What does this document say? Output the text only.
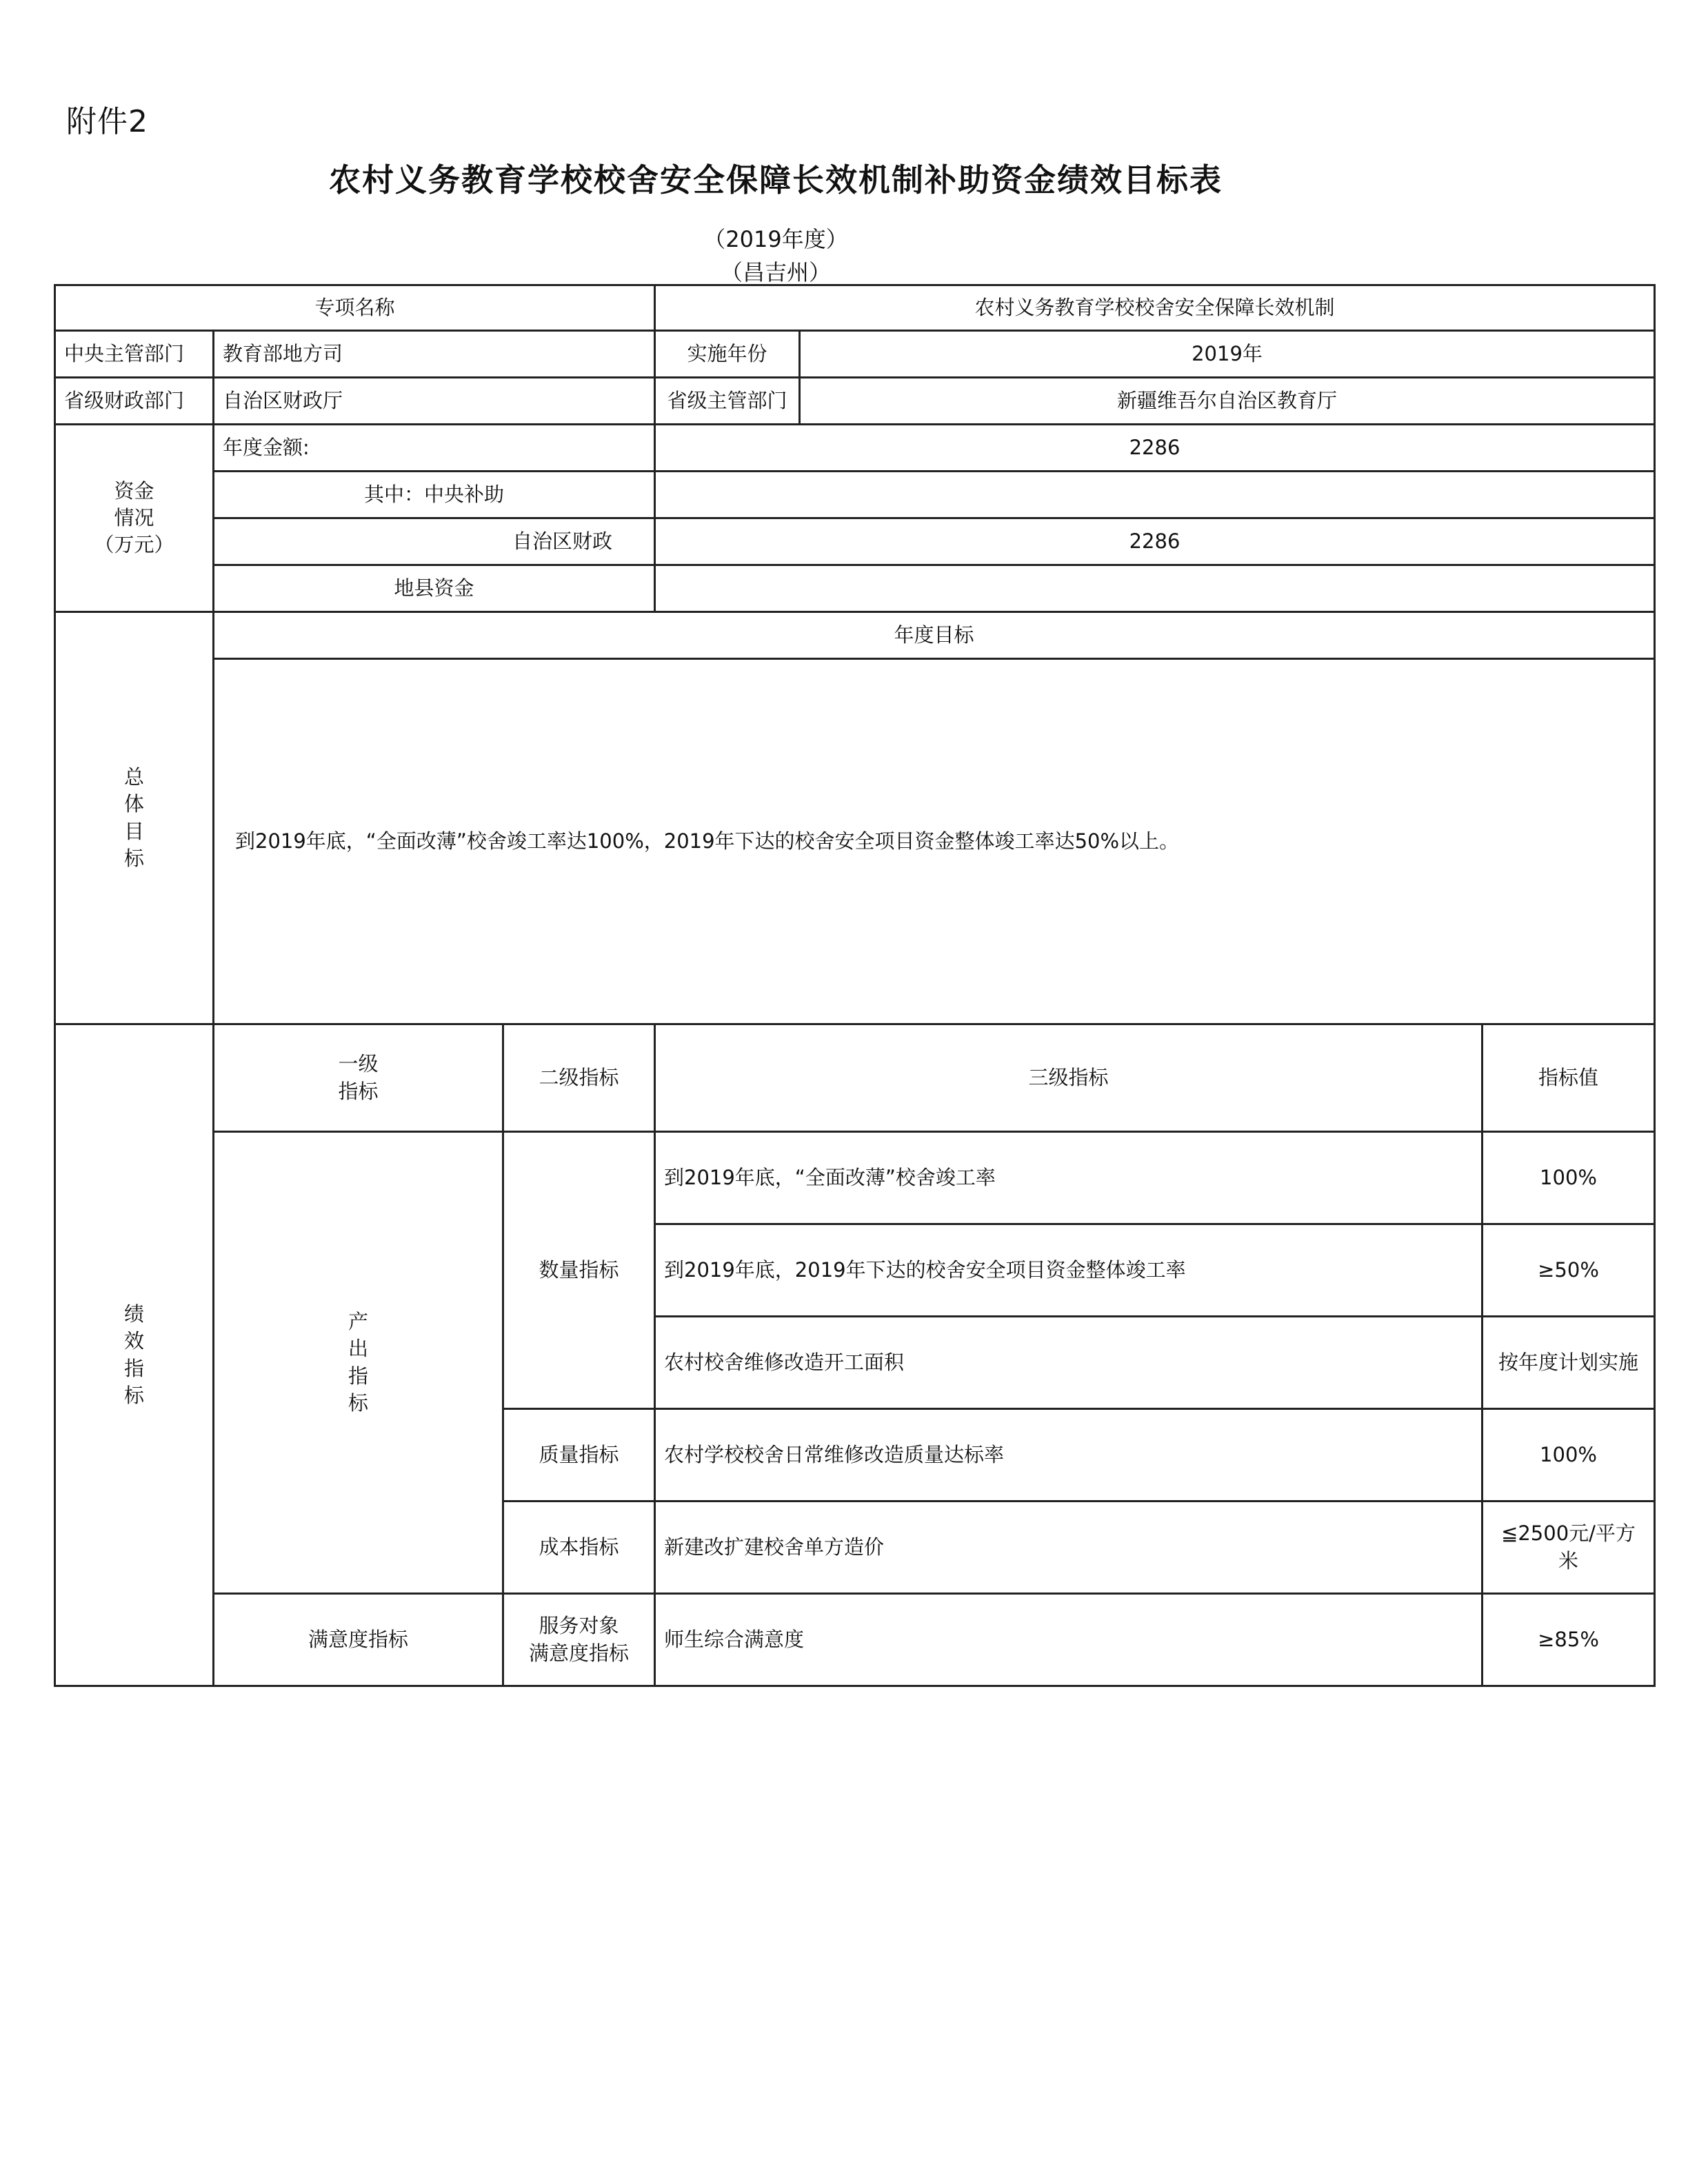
附件2
农村义务教育学校校舍安全保障长效机制补助资金绩效目标表
（2019年度）
（昌吉州）
专项名称			农村义务教育学校校舍安全保障长效机制		
中央主管部门	教育部地方司		实施年份	2019年	
省级财政部门	自治区财政厅		省级主管部门	新疆维吾尔自治区教育厅	
资金
情况
（万元）	年度金额:		2286		
	其中：中央补助				
	自治区财政		2286		
	地县资金				
总
体
目
标	年度目标				
	到2019年底，“全面改薄”校舍竣工率达100%，2019年下达的校舍安全项目资金整体竣工率达50%以上。				
绩
效
指
标	一级
指标	二级指标	三级指标		指标值
	产
出
指
标	数量指标	到2019年底，“全面改薄”校舍竣工率		100%
			到2019年底，2019年下达的校舍安全项目资金整体竣工率		≥50%
			农村校舍维修改造开工面积		按年度计划实施
		质量指标	农村学校校舍日常维修改造质量达标率		100%
		成本指标	新建改扩建校舍单方造价		≦2500元/平方米
	满意度指标	服务对象
满意度指标	师生综合满意度		≥85%
